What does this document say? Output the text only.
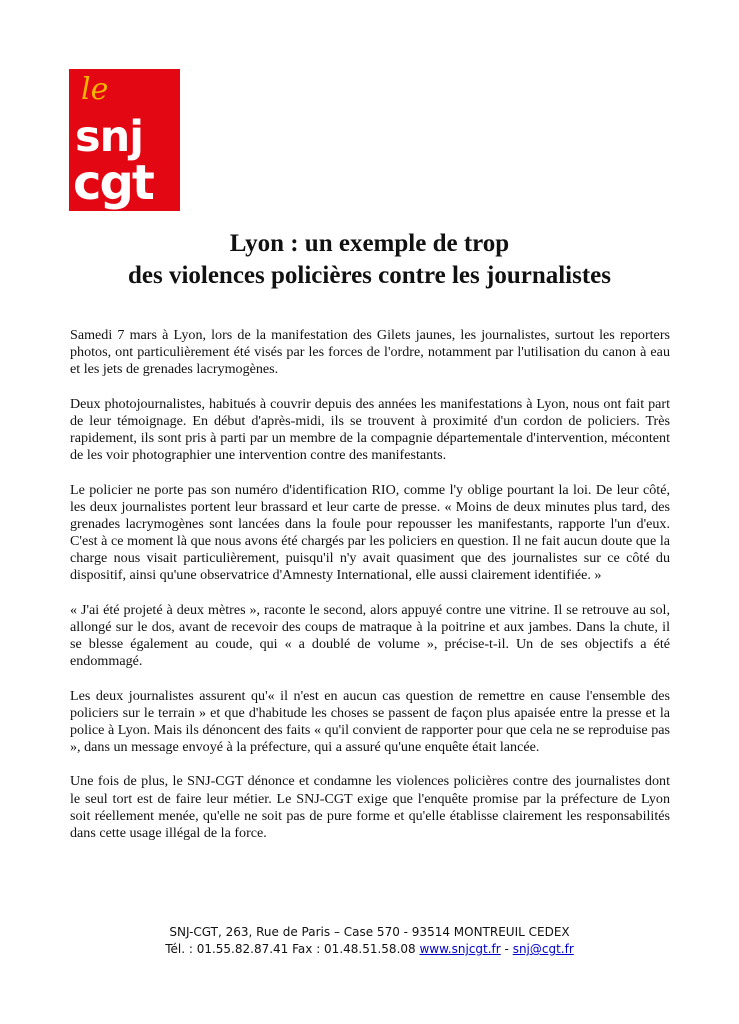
le
snj
cgt
Lyon : un exemple de trop
des violences policières contre les journalistes

Samedi 7 mars à Lyon, lors de la manifestation des Gilets jaunes, les journalistes, surtout les reporters photos, ont particulièrement été visés par les forces de l'ordre, notamment par l'utilisation du canon à eau et les jets de grenades lacrymogènes.

Deux photojournalistes, habitués à couvrir depuis des années les manifestations à Lyon, nous ont fait part de leur témoignage. En début d'après-midi, ils se trouvent à proximité d'un cordon de policiers. Très rapidement, ils sont pris à parti par un membre de la compagnie départementale d'intervention, mécontent de les voir photographier une intervention contre des manifestants.

Le policier ne porte pas son numéro d'identification RIO, comme l'y oblige pourtant la loi. De leur côté, les deux journalistes portent leur brassard et leur carte de presse. « Moins de deux minutes plus tard, des grenades lacrymogènes sont lancées dans la foule pour repousser les manifestants, rapporte l'un d'eux. C'est à ce moment là que nous avons été chargés par les policiers en question. Il ne fait aucun doute que la charge nous visait particulièrement, puisqu'il n'y avait quasiment que des journalistes sur ce côté du dispositif, ainsi qu'une observatrice d'Amnesty International, elle aussi clairement identifiée. »

« J'ai été projeté à deux mètres », raconte le second, alors appuyé contre une vitrine. Il se retrouve au sol, allongé sur le dos, avant de recevoir des coups de matraque à la poitrine et aux jambes. Dans la chute, il se blesse également au coude, qui « a doublé de volume », précise-t-il. Un de ses objectifs a été endommagé.

Les deux journalistes assurent qu'« il n'est en aucun cas question de remettre en cause l'ensemble des policiers sur le terrain » et que d'habitude les choses se passent de façon plus apaisée entre la presse et la police à Lyon. Mais ils dénoncent des faits « qu'il convient de rapporter pour que cela ne se reproduise pas », dans un message envoyé à la préfecture, qui a assuré qu'une enquête était lancée.

Une fois de plus, le SNJ-CGT dénonce et condamne les violences policières contre des journalistes dont le seul tort est de faire leur métier. Le SNJ-CGT exige que l'enquête promise par la préfecture de Lyon soit réellement menée, qu'elle ne soit pas de pure forme et qu'elle établisse clairement les responsabilités dans cette usage illégal de la force.

SNJ-CGT, 263, Rue de Paris – Case 570 - 93514 MONTREUIL CEDEX
Tél. : 01.55.82.87.41 Fax : 01.48.51.58.08 www.snjcgt.fr - snj@cgt.fr
